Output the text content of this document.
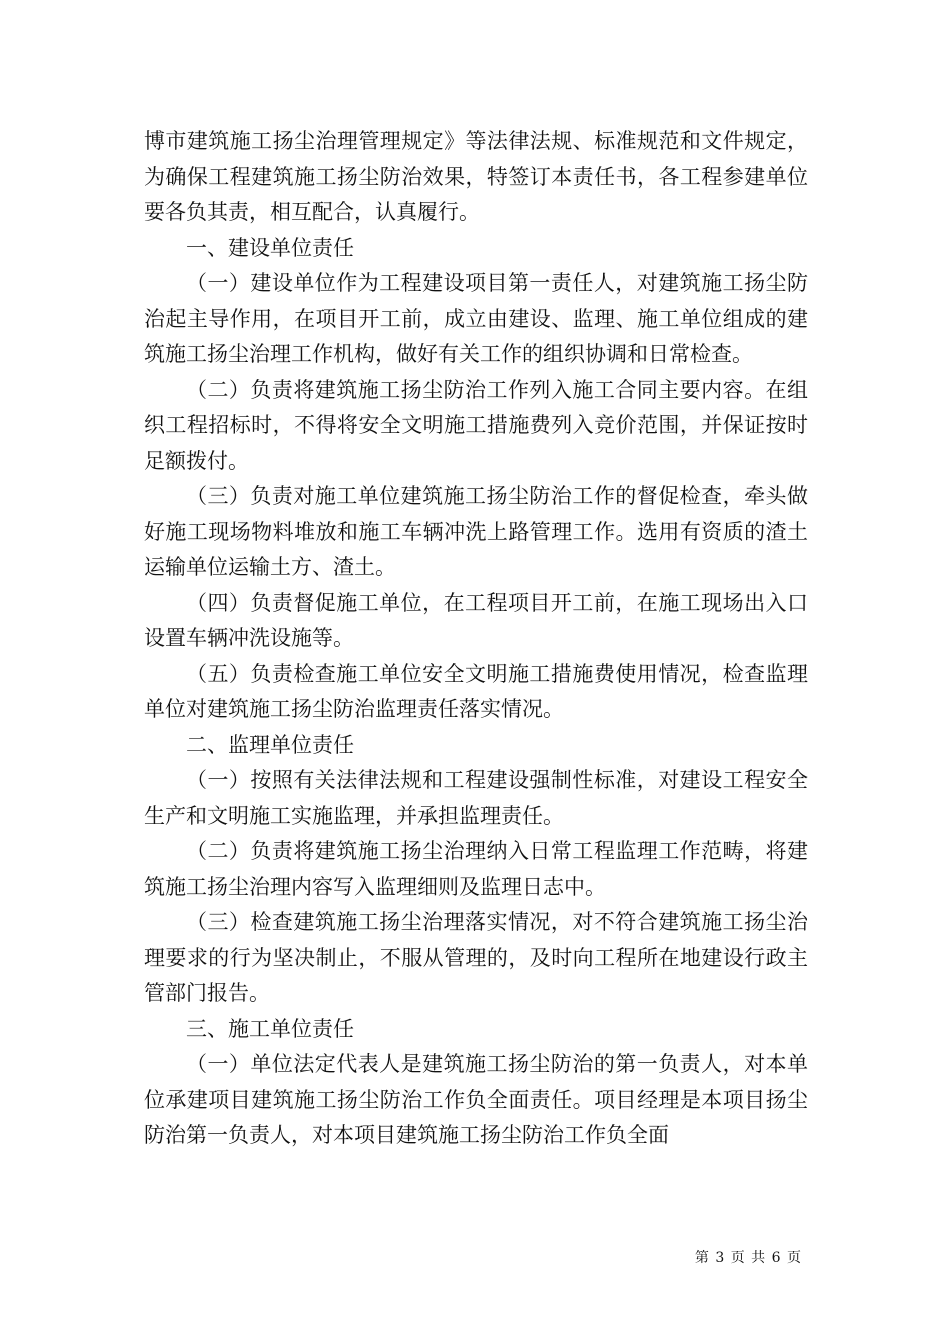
博市建筑施工扬尘治理管理规定》等法律法规、标准规范和文件规定，为确保工程建筑施工扬尘防治效果，特签订本责任书，各工程参建单位要各负其责，相互配合，认真履行。

一、建设单位责任

（一）建设单位作为工程建设项目第一责任人，对建筑施工扬尘防治起主导作用，在项目开工前，成立由建设、监理、施工单位组成的建筑施工扬尘治理工作机构，做好有关工作的组织协调和日常检查。

（二）负责将建筑施工扬尘防治工作列入施工合同主要内容。在组织工程招标时，不得将安全文明施工措施费列入竞价范围，并保证按时足额拨付。

（三）负责对施工单位建筑施工扬尘防治工作的督促检查，牵头做好施工现场物料堆放和施工车辆冲洗上路管理工作。选用有资质的渣土运输单位运输土方、渣土。

（四）负责督促施工单位，在工程项目开工前，在施工现场出入口设置车辆冲洗设施等。

（五）负责检查施工单位安全文明施工措施费使用情况，检查监理单位对建筑施工扬尘防治监理责任落实情况。

二、监理单位责任

（一）按照有关法律法规和工程建设强制性标准，对建设工程安全生产和文明施工实施监理，并承担监理责任。

（二）负责将建筑施工扬尘治理纳入日常工程监理工作范畴，将建筑施工扬尘治理内容写入监理细则及监理日志中。

（三）检查建筑施工扬尘治理落实情况，对不符合建筑施工扬尘治理要求的行为坚决制止，不服从管理的，及时向工程所在地建设行政主管部门报告。

三、施工单位责任

（一）单位法定代表人是建筑施工扬尘防治的第一负责人，对本单位承建项目建筑施工扬尘防治工作负全面责任。项目经理是本项目扬尘防治第一负责人，对本项目建筑施工扬尘防治工作负全面

第 3 页 共 6 页
